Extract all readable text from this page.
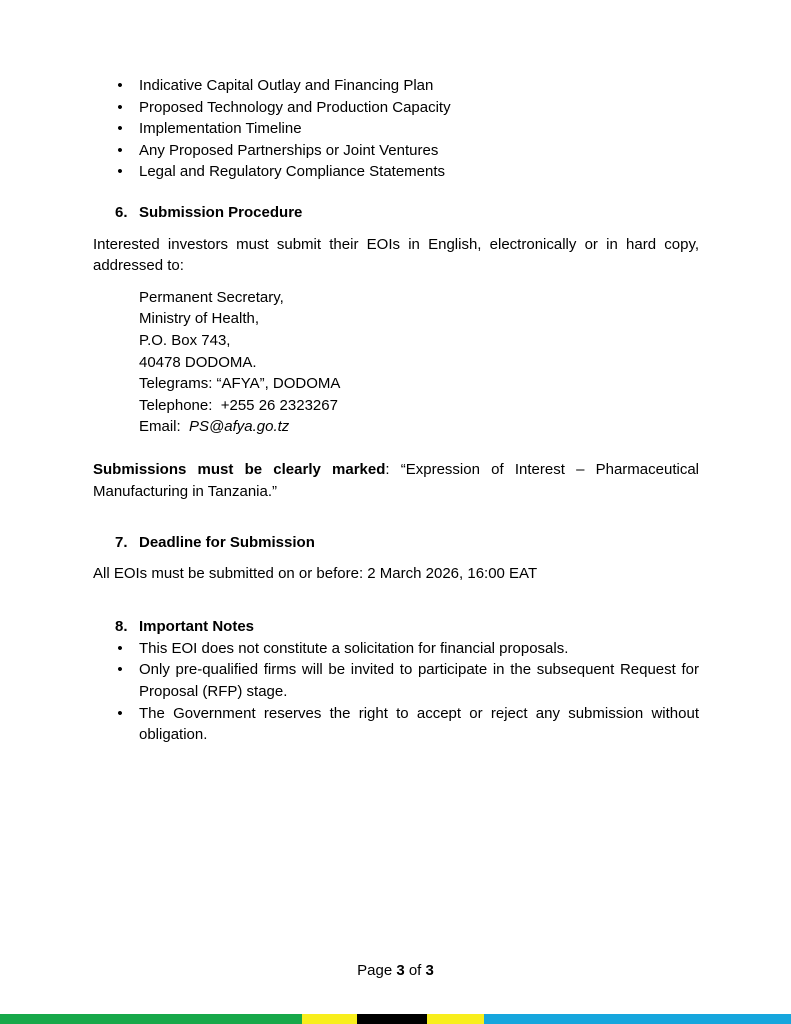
• Indicative Capital Outlay and Financing Plan
• Proposed Technology and Production Capacity
• Implementation Timeline
• Any Proposed Partnerships or Joint Ventures
• Legal and Regulatory Compliance Statements
6. Submission Procedure

Interested investors must submit their EOIs in English, electronically or in hard copy, addressed to:

Permanent Secretary,
Ministry of Health,
P.O. Box 743,
40478 DODOMA.
Telegrams: “AFYA”, DODOMA
Telephone:  +255 26 2323267
Email:  PS@afya.go.tz

Submissions must be clearly marked: “Expression of Interest – Pharmaceutical Manufacturing in Tanzania.”

7. Deadline for Submission

All EOIs must be submitted on or before: 2 March 2026, 16:00 EAT

8. Important Notes
• This EOI does not constitute a solicitation for financial proposals.
• Only pre-qualified firms will be invited to participate in the subsequent Request for Proposal (RFP) stage.
• The Government reserves the right to accept or reject any submission without obligation.
Page 3 of 3
